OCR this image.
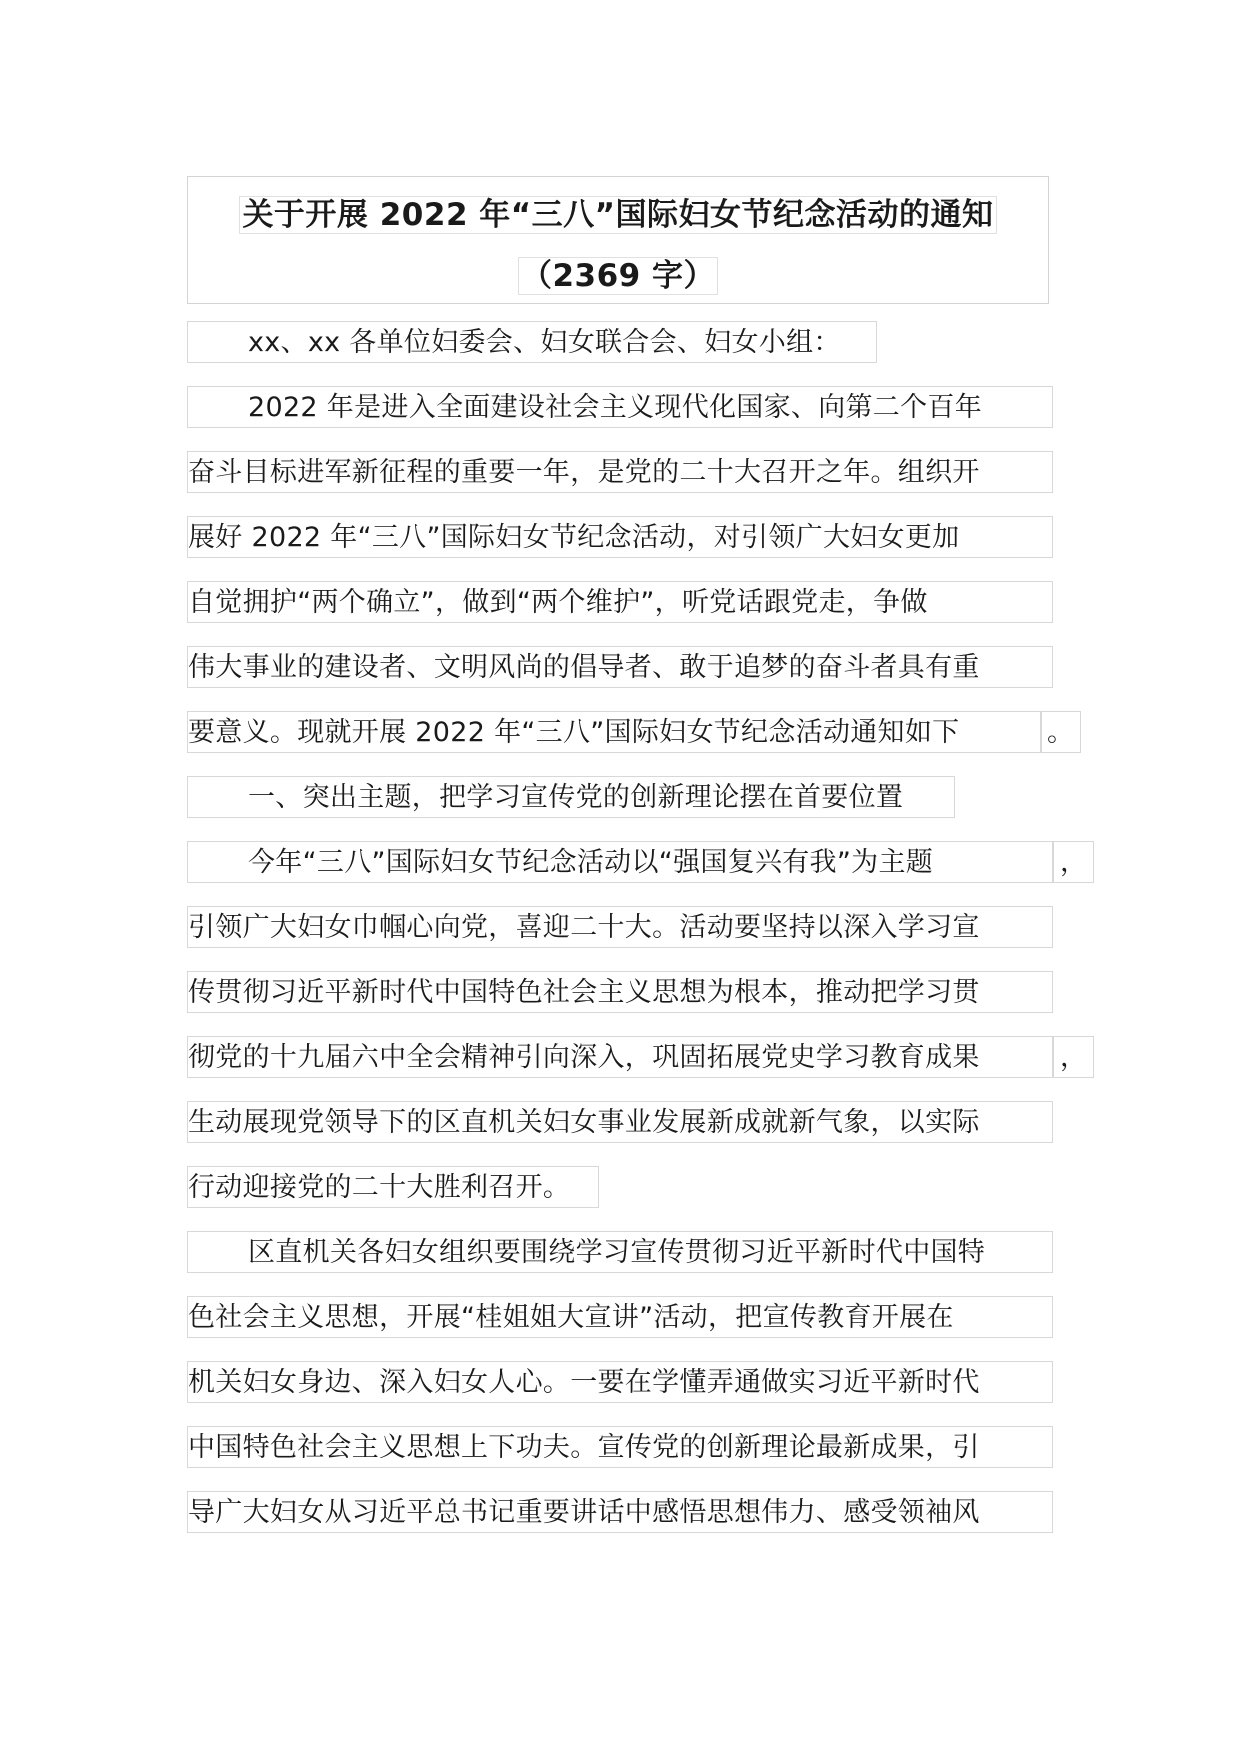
关于开展 2022 年“三八”国际妇女节纪念活动的通知
（2369 字）
xx、xx 各单位妇委会、妇女联合会、妇女小组：
2022 年是进入全面建设社会主义现代化国家、向第二个百年
奋斗目标进军新征程的重要一年，是党的二十大召开之年。组织开
展好 2022 年“三八”国际妇女节纪念活动，对引领广大妇女更加
自觉拥护“两个确立”，做到“两个维护”，听党话跟党走，争做
伟大事业的建设者、文明风尚的倡导者、敢于追梦的奋斗者具有重
要意义。现就开展 2022 年“三八”国际妇女节纪念活动通知如下
一、突出主题，把学习宣传党的创新理论摆在首要位置
今年“三八”国际妇女节纪念活动以“强国复兴有我”为主题
引领广大妇女巾帼心向党，喜迎二十大。活动要坚持以深入学习宣
传贯彻习近平新时代中国特色社会主义思想为根本，推动把学习贯
彻党的十九届六中全会精神引向深入，巩固拓展党史学习教育成果
生动展现党领导下的区直机关妇女事业发展新成就新气象，以实际
行动迎接党的二十大胜利召开。
区直机关各妇女组织要围绕学习宣传贯彻习近平新时代中国特
色社会主义思想，开展“桂姐姐大宣讲”活动，把宣传教育开展在
机关妇女身边、深入妇女人心。一要在学懂弄通做实习近平新时代
中国特色社会主义思想上下功夫。宣传党的创新理论最新成果，引
导广大妇女从习近平总书记重要讲话中感悟思想伟力、感受领袖风
。
，
，
